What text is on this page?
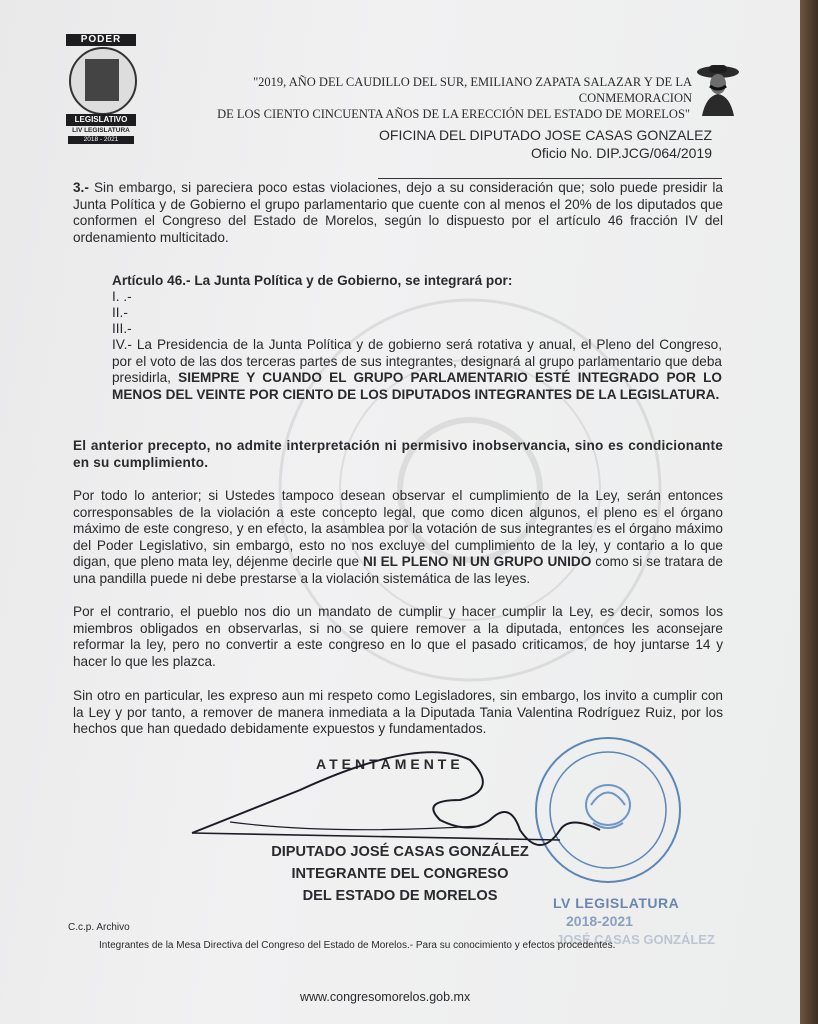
PODER
LEGISLATIVO
LIV LEGISLATURA
2018 - 2021
"2019, AÑO DEL CAUDILLO DEL SUR, EMILIANO ZAPATA SALAZAR Y DE LA CONMEMORACION
DE LOS CIENTO CINCUENTA AÑOS DE LA ERECCIÓN DEL ESTADO DE MORELOS"
OFICINA DEL DIPUTADO JOSE CASAS GONZALEZ
Oficio No. DIP.JCG/064/2019
3.- Sin embargo, si pareciera poco estas violaciones, dejo a su consideración que; solo puede presidir la Junta Política y de Gobierno el grupo parlamentario que cuente con al menos el 20% de los diputados que conformen el Congreso del Estado de Morelos, según lo dispuesto por el artículo 46 fracción IV del ordenamiento multicitado.
Artículo 46.- La Junta Política y de Gobierno, se integrará por:
I. .-
II.-
III.-
IV.- La Presidencia de la Junta Política y de gobierno será rotativa y anual, el Pleno del Congreso, por el voto de las dos terceras partes de sus integrantes, designará al grupo parlamentario que deba presidirla, SIEMPRE Y CUANDO EL GRUPO PARLAMENTARIO ESTÉ INTEGRADO POR LO MENOS DEL VEINTE POR CIENTO DE LOS DIPUTADOS INTEGRANTES DE LA LEGISLATURA.
El anterior precepto, no admite interpretación ni permisivo inobservancia, sino es condicionante en su cumplimiento.
Por todo lo anterior; si Ustedes tampoco desean observar el cumplimiento de la Ley, serán entonces corresponsables de la violación a este concepto legal, que como dicen algunos, el pleno es el órgano máximo de este congreso, y en efecto, la asamblea por la votación de sus integrantes es el órgano máximo del Poder Legislativo, sin embargo, esto no nos excluye del cumplimiento de la ley, y contario a lo que digan, que pleno mata ley, déjenme decirle que NI EL PLENO NI UN GRUPO UNIDO como si se tratara de una pandilla puede ni debe prestarse a la violación sistemática de las leyes.
Por el contrario, el pueblo nos dio un mandato de cumplir y hacer cumplir la Ley, es decir, somos los miembros obligados en observarlas, si no se quiere remover a la diputada, entonces les aconsejare reformar la ley, pero no convertir a este congreso en lo que el pasado criticamos, de hoy juntarse 14 y hacer lo que les plazca.
Sin otro en particular, les expreso aun mi respeto como Legisladores, sin embargo, los invito a cumplir con la Ley y por tanto, a remover de manera inmediata a la Diputada Tania Valentina Rodríguez Ruiz, por los hechos que han quedado debidamente expuestos y fundamentados.
ATENTAMENTE
LV LEGISLATURA
2018-2021
JOSÉ CASAS GONZÁLEZ
DIPUTADO JOSÉ CASAS GONZÁLEZ
INTEGRANTE DEL CONGRESO
DEL ESTADO DE MORELOS
C.c.p. Archivo
Integrantes de la Mesa Directiva del Congreso del Estado de Morelos.- Para su conocimiento y efectos procedentes.
www.congresomorelos.gob.mx
